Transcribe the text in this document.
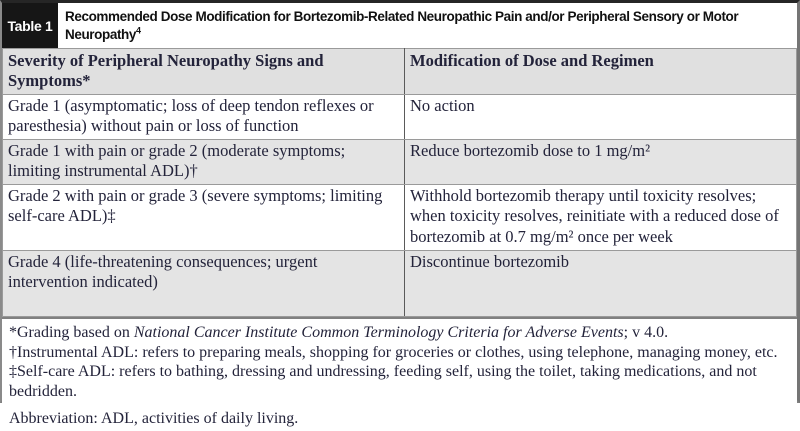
Table 1
Recommended Dose Modification for Bortezomib-Related Neuropathic Pain and/or Peripheral Sensory or Motor Neuropathy$^4$
Severity of Peripheral Neuropathy Signs and Symptoms*	Modification of Dose and Regimen
Grade 1 (asymptomatic; loss of deep tendon reflexes or paresthesia) without pain or loss of function	No action
Grade 1 with pain or grade 2 (moderate symptoms; limiting instrumental ADL)†	Reduce bortezomib dose to 1 mg/m²
Grade 2 with pain or grade 3 (severe symptoms; limiting self-care ADL)‡	Withhold bortezomib therapy until toxicity resolves; when toxicity resolves, reinitiate with a reduced dose of bortezomib at 0.7 mg/m² once per week
Grade 4 (life-threatening consequences; urgent intervention indicated)	Discontinue bortezomib

*Grading based on National Cancer Institute Common Terminology Criteria for Adverse Events; v 4.0.

†Instrumental ADL: refers to preparing meals, shopping for groceries or clothes, using telephone, managing money, etc.

‡Self-care ADL: refers to bathing, dressing and undressing, feeding self, using the toilet, taking medications, and not bedridden.

Abbreviation: ADL, activities of daily living.
